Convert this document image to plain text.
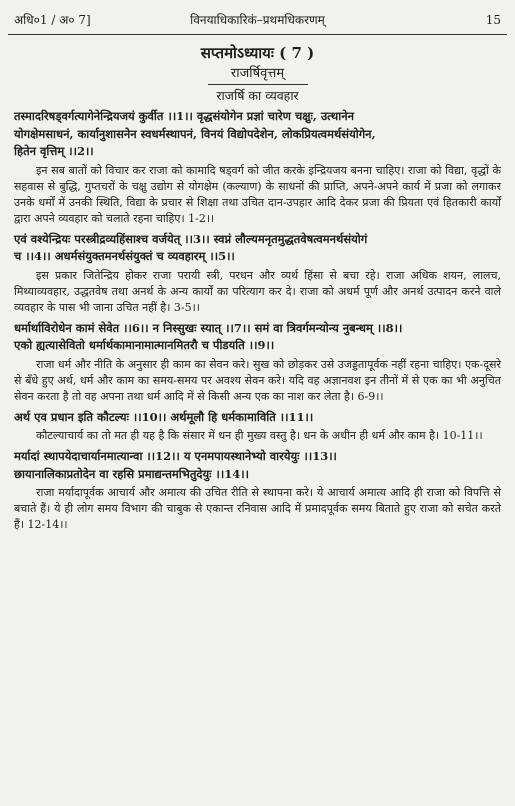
अधि०1 / अ० 7]	विनयाधिकारिकं–प्रथमधिकरणम्	15
सप्तमोऽध्यायः ( 7 )
राजर्षिवृत्तम्
राजर्षि का व्यवहार
तस्मादरिषड्वर्गत्यागेनेन्द्रियजयं कुर्वीत ।।1।। वृद्धसंयोगेन प्रज्ञां चारेण चक्षुः, उत्थानेन
योगक्षेमसाधनं, कार्यानुशासनेन स्वधर्मस्थापनं, विनयं विद्योपदेशेन, लोकप्रियत्वमर्थसंयोगेन,
हितेन वृत्तिम् ।।2।।
इन सब बातों को विचार कर राजा को कामादि षड्वर्ग को जीत करके इन्द्रियजय बनना चाहिए। राजा को विद्या, वृद्धों के सहवास से बुद्धि, गुप्तचरों के चक्षु उद्योग से योगक्षेम (कल्याण) के साधनों की प्राप्ति, अपने-अपने कार्य में प्रजा को लगाकर उनके धर्मों में उनकी स्थिति, विद्या के प्रचार से शिक्षा तथा उचित दान-उपहार आदि देकर प्रजा की प्रियता एवं हितकारी कार्यों द्वारा अपने व्यवहार को चलाते रहना चाहिए। 1-2।।
एवं वश्येन्द्रियः परस्त्रीद्रव्यहिंसाश्च वर्जयेत् ।।3।। स्वप्नं लौल्यमनृतमुद्धतवेषत्वमनर्थसंयोगं
च ।।4।। अधर्मसंयुक्तमनर्थसंयुक्तं च व्यवहारम् ।।5।।
इस प्रकार जितेन्द्रिय होकर राजा परायी स्त्री, परधन और व्यर्थ हिंसा से बचा रहे। राजा अधिक शयन, लालच, मिथ्याव्यवहार, उद्धतवेष तथा अनर्थ के अन्य कार्यों का परित्याग कर दे। राजा को अधर्म पूर्ण और अनर्थ उत्पादन करने वाले व्यवहार के पास भी जाना उचित नहीं है। 3-5।।
धर्मार्थाविरोधेन कामं सेवेत ।।6।। न निस्सुखः स्यात् ।।7।। समं वा त्रिवर्गमन्योन्य नुबन्धम् ।।8।।
एको ह्यत्यासेवितो धर्मार्थकामानामात्मानमितरौ च पीडयति ।।9।।
राजा धर्म और नीति के अनुसार ही काम का सेवन करे। सुख को छोड़कर उसे उजड्डतापूर्वक नहीं रहना चाहिए। एक-दूसरे से बँधे हुए अर्थ, धर्म और काम का समय-समय पर अवश्य सेवन करे। यदि वह अज्ञानवश इन तीनों में से एक का भी अनुचित सेवन करता है तो वह अपना तथा धर्म आदि में से किसी अन्य एक का नाश कर लेता है। 6-9।।
अर्थ एव प्रधान इति कौटल्यः ।।10।। अर्थमूलौ हि धर्मकामाविति ।।11।।
कौटल्याचार्य का तो मत ही यह है कि संसार में धन ही मुख्य वस्तु है। धन के अधीन ही धर्म और काम है। 10-11।।
मर्यादां स्थापयेदाचार्यानमात्यान्वा ।।12।। य एनमपायस्थानेभ्यो वारयेयुः ।।13।।
छायानालिकाप्रतोदेन वा रहसि प्रमाद्यन्तमभितुदेयुः ।।14।।
राजा मर्यादापूर्वक आचार्य और अमात्य की उचित रीति से स्थापना करे। ये आचार्य अमात्य आदि ही राजा को विपत्ति से बचाते हैं। ये ही लोग समय विभाग की चाबुक से एकान्त रनिवास आदि में प्रमादपूर्वक समय बिताते हुए राजा को सचेत करते हैं। 12-14।।
